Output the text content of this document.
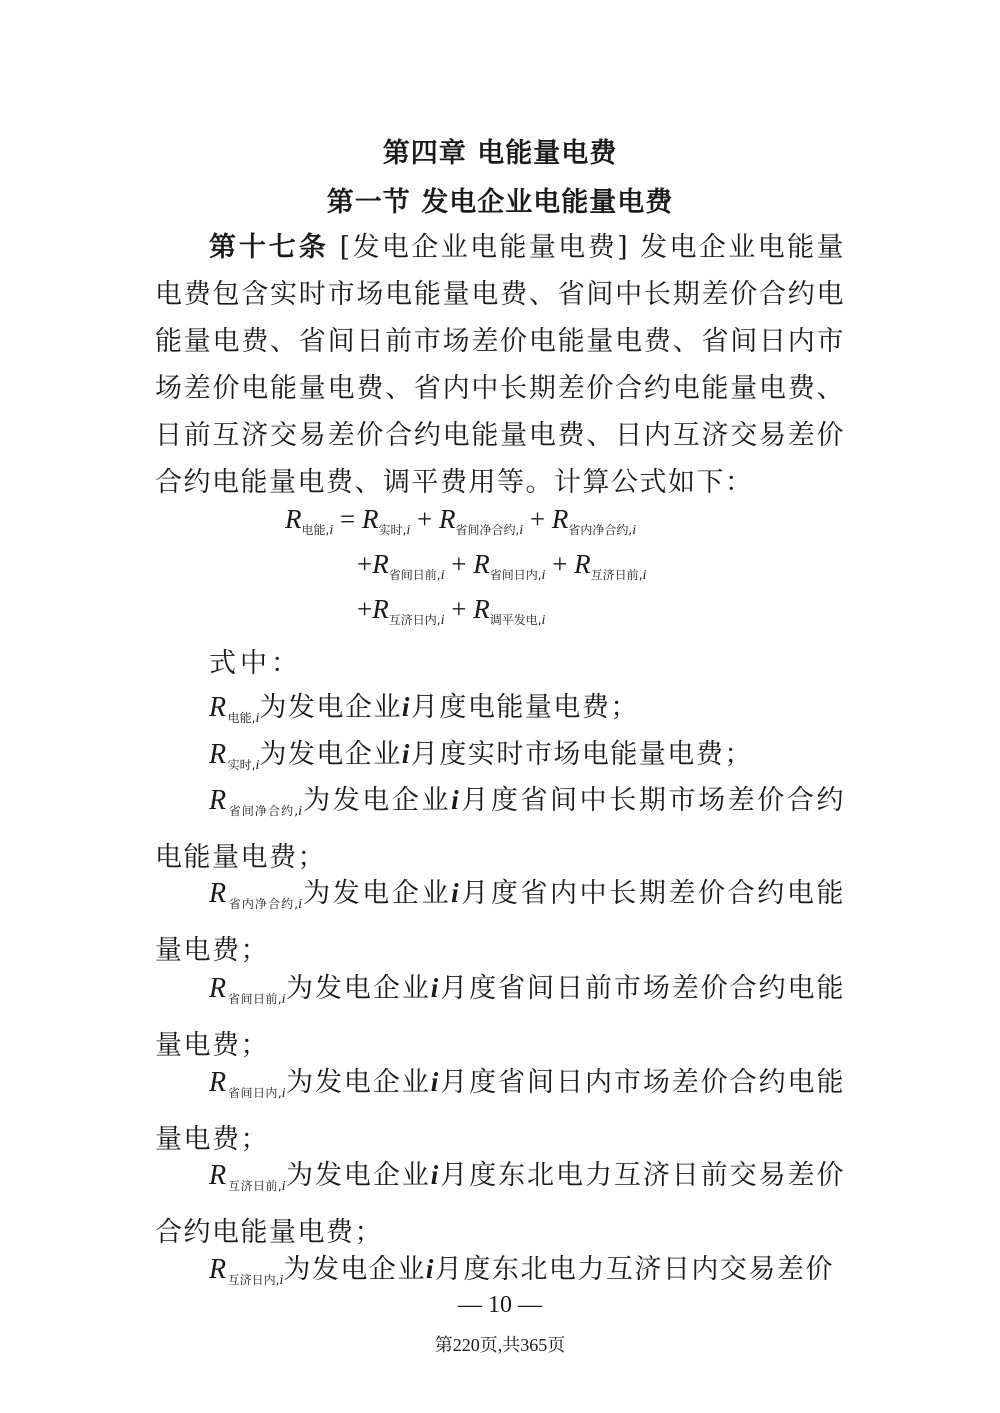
第四章 电能量电费
第一节 发电企业电能量电费

第十七条 [发电企业电能量电费] 发电企业电能量电费包含实时市场电能量电费、省间中长期差价合约电能量电费、省间日前市场差价电能量电费、省间日内市场差价电能量电费、省内中长期差价合约电能量电费、日前互济交易差价合约电能量电费、日内互济交易差价合约电能量电费、调平费用等。计算公式如下：

$R_{电能,i} = R_{实时,i} + R_{省间净合约,i} + R_{省内净合约,i}$
$+R_{省间日前,i} + R_{省间日内,i} + R_{互济日前,i}$
$+R_{互济日内,i} + R_{调平发电,i}$
式中：

$R_{电能,i}$为发电企业i月度电能量电费；

$R_{实时,i}$为发电企业i月度实时市场电能量电费；

$R_{省间净合约,i}$为发电企业i月度省间中长期市场差价合约电能量电费；

$R_{省内净合约,i}$为发电企业i月度省内中长期差价合约电能量电费；

$R_{省间日前,i}$为发电企业i月度省间日前市场差价合约电能量电费；

$R_{省间日内,i}$为发电企业i月度省间日内市场差价合约电能量电费；

$R_{互济日前,i}$为发电企业i月度东北电力互济日前交易差价合约电能量电费；

$R_{互济日内,i}$为发电企业i月度东北电力互济日内交易差价

— 10 —
第220页,共365页
